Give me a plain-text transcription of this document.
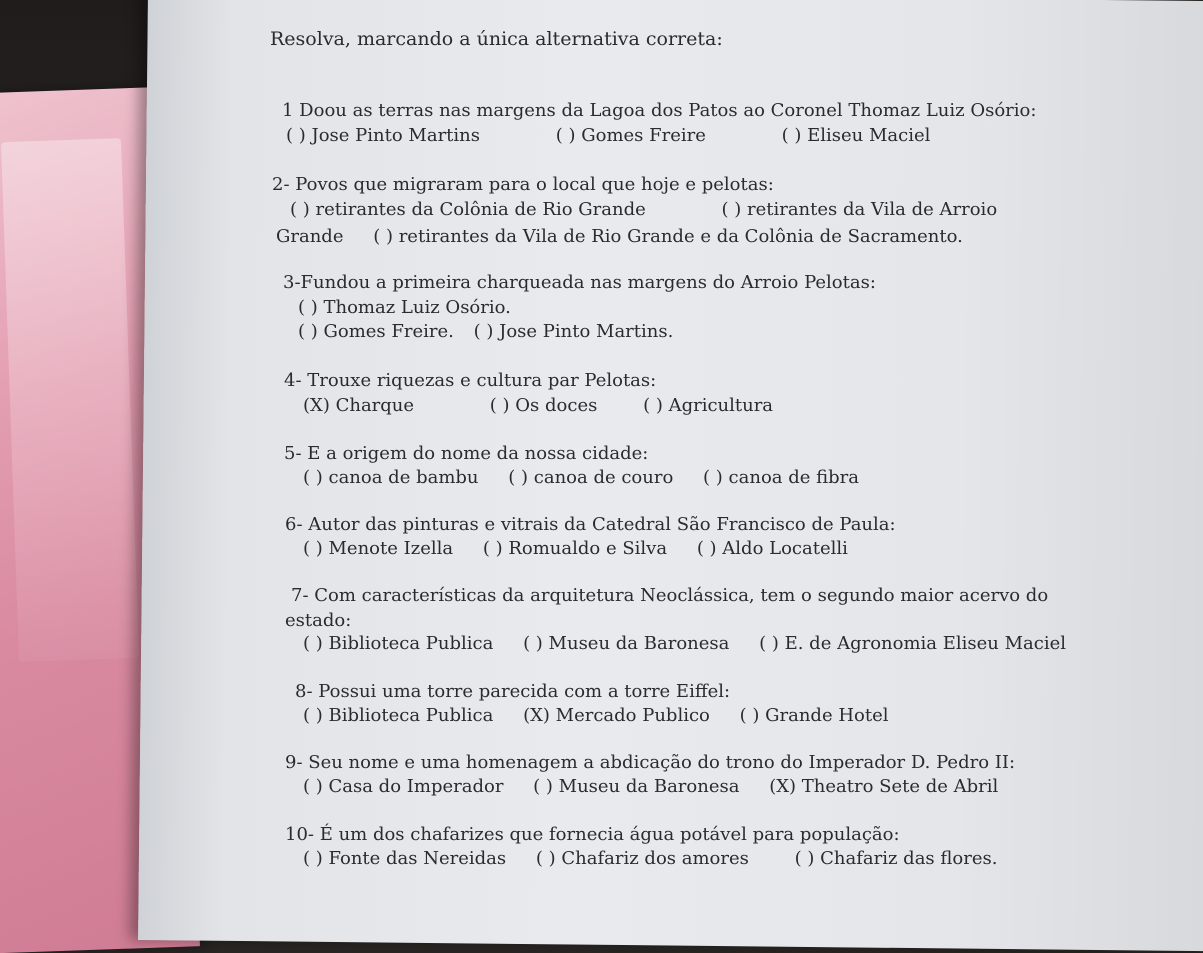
Resolva, marcando a única alternativa correta:
1 Doou as terras nas margens da Lagoa dos Patos ao Coronel Thomaz Luiz Osório:
( ) Jose Pinto Martins	( ) Gomes Freire	( ) Eliseu Maciel
2- Povos que migraram para o local que hoje e pelotas:
( ) retirantes da Colônia de Rio Grande	( ) retirantes da Vila de Arroio
Grande ( ) retirantes da Vila de Rio Grande e da Colônia de Sacramento.
3-Fundou a primeira charqueada nas margens do Arroio Pelotas:
( ) Thomaz Luiz Osório.
( ) Gomes Freire. ( ) Jose Pinto Martins.
4- Trouxe riquezas e cultura par Pelotas:
(X) Charque	( ) Os doces	( ) Agricultura
5- E a origem do nome da nossa cidade:
( ) canoa de bambu ( ) canoa de couro ( ) canoa de fibra
6- Autor das pinturas e vitrais da Catedral São Francisco de Paula:
( ) Menote Izella ( ) Romualdo e Silva ( ) Aldo Locatelli
7- Com características da arquitetura Neoclássica, tem o segundo maior acervo do
estado:
( ) Biblioteca Publica ( ) Museu da Baronesa ( ) E. de Agronomia Eliseu Maciel
8- Possui uma torre parecida com a torre Eiffel:
( ) Biblioteca Publica (X) Mercado Publico ( ) Grande Hotel
9- Seu nome e uma homenagem a abdicação do trono do Imperador D. Pedro II:
( ) Casa do Imperador ( ) Museu da Baronesa (X) Theatro Sete de Abril
10- É um dos chafarizes que fornecia água potável para população:
( ) Fonte das Nereidas ( ) Chafariz dos amores	( ) Chafariz das flores.
